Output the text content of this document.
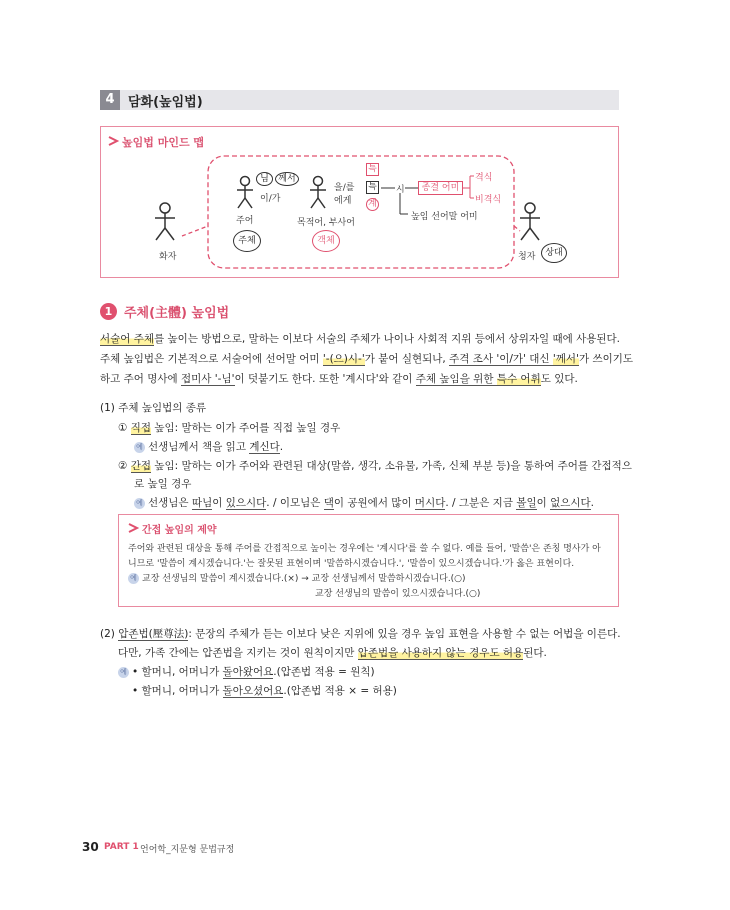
4	담화(높임법)
높임법 마인드 맵
화자	청자	상대
님	께서
이/가
주어
주체
을/를
에게
목적어, 부사어
객체
특
특
계
시	종결 어미
격식
비격식
높임 선어말 어미
1 주체(主體) 높임법
서술어 주체를 높이는 방법으로, 말하는 이보다 서술의 주체가 나이나 사회적 지위 등에서 상위자일 때에 사용된다.
주체 높임법은 기본적으로 서술어에 선어말 어미 '-(으)시-'가 붙어 실현되나, 주격 조사 '이/가' 대신 '께서'가 쓰이기도
하고 주어 명사에 접미사 '-님'이 덧붙기도 한다. 또한 '계시다'와 같이 주체 높임을 위한 특수 어휘도 있다.
(1) 주체 높임법의 종류
① 직접 높임: 말하는 이가 주어를 직접 높일 경우
예 선생님께서 책을 읽고 계신다.
② 간접 높임: 말하는 이가 주어와 관련된 대상(말씀, 생각, 소유물, 가족, 신체 부분 등)을 통하여 주어를 간접적으
로 높일 경우
예 선생님은 따님이 있으시다. / 이모님은 댁이 공원에서 많이 머시다. / 그분은 지금 볼일이 없으시다.
간접 높임의 제약
주어와 관련된 대상을 통해 주어를 간접적으로 높이는 경우에는 '계시다'를 쓸 수 없다. 예를 들어, '말씀'은 존칭 명사가 아
니므로 '말씀이 계시겠습니다.'는 잘못된 표현이며 '말씀하시겠습니다.', '말씀이 있으시겠습니다.'가 옳은 표현이다.
예 교장 선생님의 말씀이 계시겠습니다.(×) → 교장 선생님께서 말씀하시겠습니다.(○)
교장 선생님의 말씀이 있으시겠습니다.(○)
(2) 압존법(壓尊法): 문장의 주체가 듣는 이보다 낮은 지위에 있을 경우 높임 표현을 사용할 수 없는 어법을 이른다.
다만, 가족 간에는 압존법을 지키는 것이 원칙이지만 압존법을 사용하지 않는 경우도 허용된다.
예 • 할머니, 어머니가 돌아왔어요.(압존법 적용 = 원칙)
• 할머니, 어머니가 돌아오셨어요.(압존법 적용 × = 허용)
30 PART 1 언어학_지문형 문법규정
